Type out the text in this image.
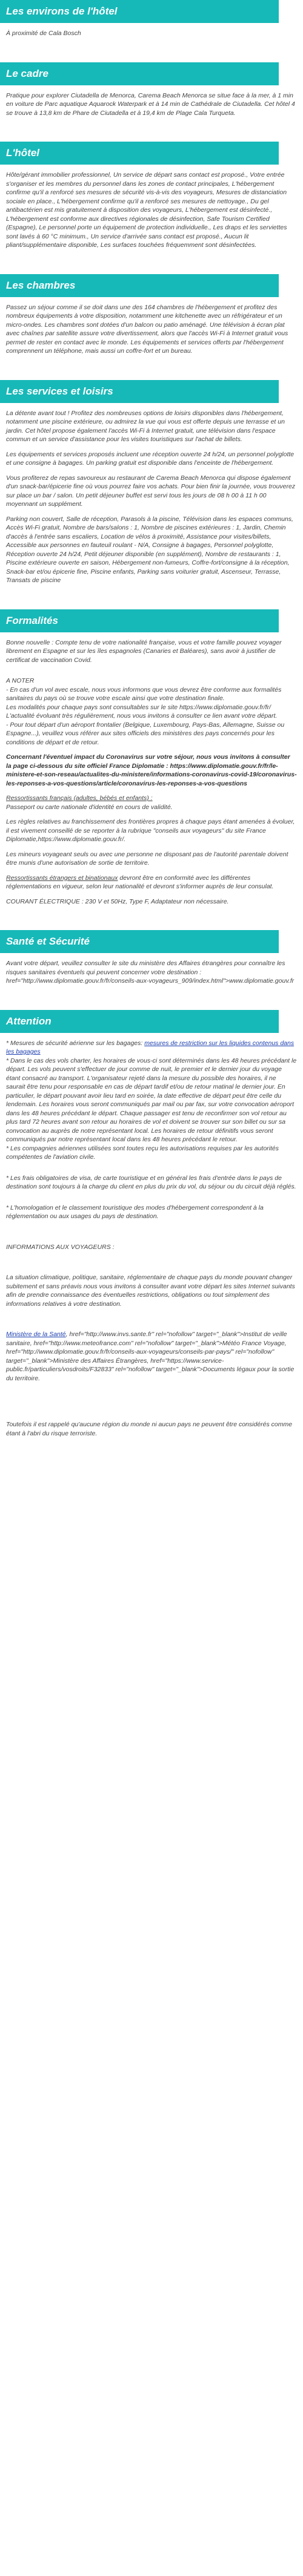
Les environs de l'hôtel

À proximité de Cala Bosch

Le cadre

Pratique pour explorer Ciutadella de Menorca, Carema Beach Menorca se situe face à la mer, à 1 min en voiture de Parc aquatique Aquarock Waterpark et à 14 min de Cathédrale de Ciutadella. Cet hôtel 4 se trouve à 13,8 km de Phare de Ciutadella et à 19,4 km de Plage Cala Turqueta.

L'hôtel

Hôte/gérant immobilier professionnel, Un service de départ sans contact est proposé., Votre entrée s'organiser et les membres du personnel dans les zones de contact principales, L'hébergement confirme qu'il a renforcé ses mesures de sécurité vis-à-vis des voyageurs, Mesures de distanciation sociale en place., L'hébergement confirme qu'il a renforcé ses mesures de nettoyage., Du gel antibactérien est mis gratuitement à disposition des voyageurs, L'hébergement est désinfecté., L'hébergement est conforme aux directives régionales de désinfection, Safe Tourism Certified (Espagne), Le personnel porte un équipement de protection individuelle., Les draps et les serviettes sont lavés à 60 °C minimum., Un service d'arrivée sans contact est proposé., Aucun lit pliant/supplémentaire disponible, Les surfaces touchées fréquemment sont désinfectées.

Les chambres

Passez un séjour comme il se doit dans une des 164 chambres de l'hébergement et profitez des nombreux équipements à votre disposition, notamment une kitchenette avec un réfrigérateur et un micro-ondes. Les chambres sont dotées d'un balcon ou patio aménagé. Une télévision à écran plat avec chaînes par satellite assure votre divertissement, alors que l'accès Wi-Fi à Internet gratuit vous permet de rester en contact avec le monde. Les équipements et services offerts par l'hébergement comprennent un téléphone, mais aussi un coffre-fort et un bureau.

Les services et loisirs

La détente avant tout ! Profitez des nombreuses options de loisirs disponibles dans l'hébergement, notamment une piscine extérieure, ou admirez la vue qui vous est offerte depuis une terrasse et un jardin. Cet hôtel propose également l'accès Wi-Fi à Internet gratuit, une télévision dans l'espace commun et un service d'assistance pour les visites touristiques sur l'achat de billets.

Les équipements et services proposés incluent une réception ouverte 24 h/24, un personnel polyglotte et une consigne à bagages. Un parking gratuit est disponible dans l'enceinte de l'hébergement.

Vous profiterez de repas savoureux au restaurant de Carema Beach Menorca qui dispose également d'un snack-bar/épicerie fine où vous pourrez faire vos achats. Pour bien finir la journée, vous trouverez sur place un bar / salon. Un petit déjeuner buffet est servi tous les jours de 08 h 00 à 11 h 00 moyennant un supplément.

Parking non couvert, Salle de réception, Parasols à la piscine, Télévision dans les espaces communs, Accès Wi-Fi gratuit, Nombre de bars/salons : 1, Nombre de piscines extérieures : 1, Jardin, Chemin d'accès à l'entrée sans escaliers, Location de vélos à proximité, Assistance pour visites/billets, Accessible aux personnes en fauteuil roulant - N/A, Consigne à bagages, Personnel polyglotte, Réception ouverte 24 h/24, Petit déjeuner disponible (en supplément), Nombre de restaurants : 1, Piscine extérieure ouverte en saison, Hébergement non-fumeurs, Coffre-fort/consigne à la réception, Snack-bar et/ou épicerie fine, Piscine enfants, Parking sans voiturier gratuit, Ascenseur, Terrasse, Transats de piscine

Formalités

Bonne nouvelle : Compte tenu de votre nationalité française, vous et votre famille pouvez voyager librement en Espagne et sur les îles espagnoles (Canaries et Baléares), sans avoir à justifier de certificat de vaccination Covid.

A NOTER
- En cas d'un vol avec escale, nous vous informons que vous devrez être conforme aux formalités sanitaires du pays où se trouve votre escale ainsi que votre destination finale.
Les modalités pour chaque pays sont consultables sur le site https://www.diplomatie.gouv.fr/fr/ L'actualité évoluant très régulièrement, nous vous invitons à consulter ce lien avant votre départ.

- Pour tout départ d'un aéroport frontalier (Belgique, Luxembourg, Pays-Bas, Allemagne, Suisse ou Espagne...), veuillez vous référer aux sites officiels des ministères des pays concernés pour les conditions de départ et de retour.

Concernant l'éventuel impact du Coronavirus sur votre séjour, nous vous invitons à consulter la page ci-dessous du site officiel France Diplomatie : https://www.diplomatie.gouv.fr/fr/le-ministere-et-son-reseau/actualites-du-ministere/informations-coronavirus-covid-19/coronavirus-les-reponses-a-vos-questions/article/coronavirus-les-reponses-a-vos-questions

Ressortissants français (adultes, bébés et enfants) :

Passeport ou carte nationale d'identité en cours de validité.

Les règles relatives au franchissement des frontières propres à chaque pays étant amenées à évoluer, il est vivement conseillé de se reporter à la rubrique "conseils aux voyageurs" du site France Diplomatie,https://www.diplomatie.gouv.fr/.

Les mineurs voyageant seuls ou avec une personne ne disposant pas de l'autorité parentale doivent être munis d'une autorisation de sortie de territoire.

Ressortissants étrangers et binationaux devront être en conformité avec les différentes réglementations en vigueur, selon leur nationalité et devront s'informer auprès de leur consulat.

COURANT ÉLECTRIQUE : 230 V et 50Hz, Type F, Adaptateur non nécessaire.

Santé et Sécurité

Avant votre départ, veuillez consulter le site du ministère des Affaires étrangères pour connaître les risques sanitaires éventuels qui peuvent concerner votre destination : href="http://www.diplomatie.gouv.fr/fr/conseils-aux-voyageurs_909/index.html">www.diplomatie.gouv.fr

Attention
* Mesures de sécurité aérienne sur les bagages: mesures de restriction sur les liquides contenus dans les bagages
* Dans le cas des vols charter, les horaires de vous-ci sont déterminés dans les 48 heures précédant le départ. Les vols peuvent s'effectuer de jour comme de nuit, le premier et le dernier jour du voyage étant consacré au transport. L'organisateur rejeté dans la mesure du possible des horaires, il ne saurait être tenu pour responsable en cas de départ tardif et/ou de retour matinal le dernier jour. En particulier, le départ pouvant avoir lieu tard en soirée, la date effective de départ peut être celle du lendemain. Les horaires vous seront communiqués par mail ou par fax, sur votre convocation aéroport dans les 48 heures précédant le départ. Chaque passager est tenu de reconfirmer son vol retour au plus tard 72 heures avant son retour au horaires de vol et doivent se trouver sur son billet ou sur sa convocation au auprès de notre représentant local. Les horaires de retour définitifs vous seront communiqués par notre représentant local dans les 48 heures précédant le retour.

* Les compagnies aériennes utilisées sont toutes reçu les autorisations requises par les autorités compétentes de l'aviation civile.

* Les frais obligatoires de visa, de carte touristique et en général les frais d'entrée dans le pays de destination sont toujours à la charge du client en plus du prix du vol, du séjour ou du circuit déjà réglés.

* L'homologation et le classement touristique des modes d'hébergement correspondent à la réglementation ou aux usages du pays de destination.

INFORMATIONS AUX VOYAGEURS :

La situation climatique, politique, sanitaire, réglementaire de chaque pays du monde pouvant changer subitement et sans préavis nous vous invitons à consulter avant votre départ les sites Internet suivants afin de prendre connaissance des éventuelles restrictions, obligations ou tout simplement des informations relatives à votre destination.

Ministère de la Santé, href="http://www.invs.sante.fr" rel="nofollow" target="_blank">Institut de veille sanitaire, href="http://www.meteofrance.com" rel="nofollow" target="_blank">Météo France Voyage, href="http://www.diplomatie.gouv.fr/fr/conseils-aux-voyageurs/conseils-par-pays/" rel="nofollow" target="_blank">Ministère des Affaires Étrangères, href="https://www.service-public.fr/particuliers/vosdroits/F32833" rel="nofollow" target="_blank">Documents légaux pour la sortie du territoire.

Toutefois il est rappelé qu'aucune région du monde ni aucun pays ne peuvent être considérés comme étant à l'abri du risque terroriste.
